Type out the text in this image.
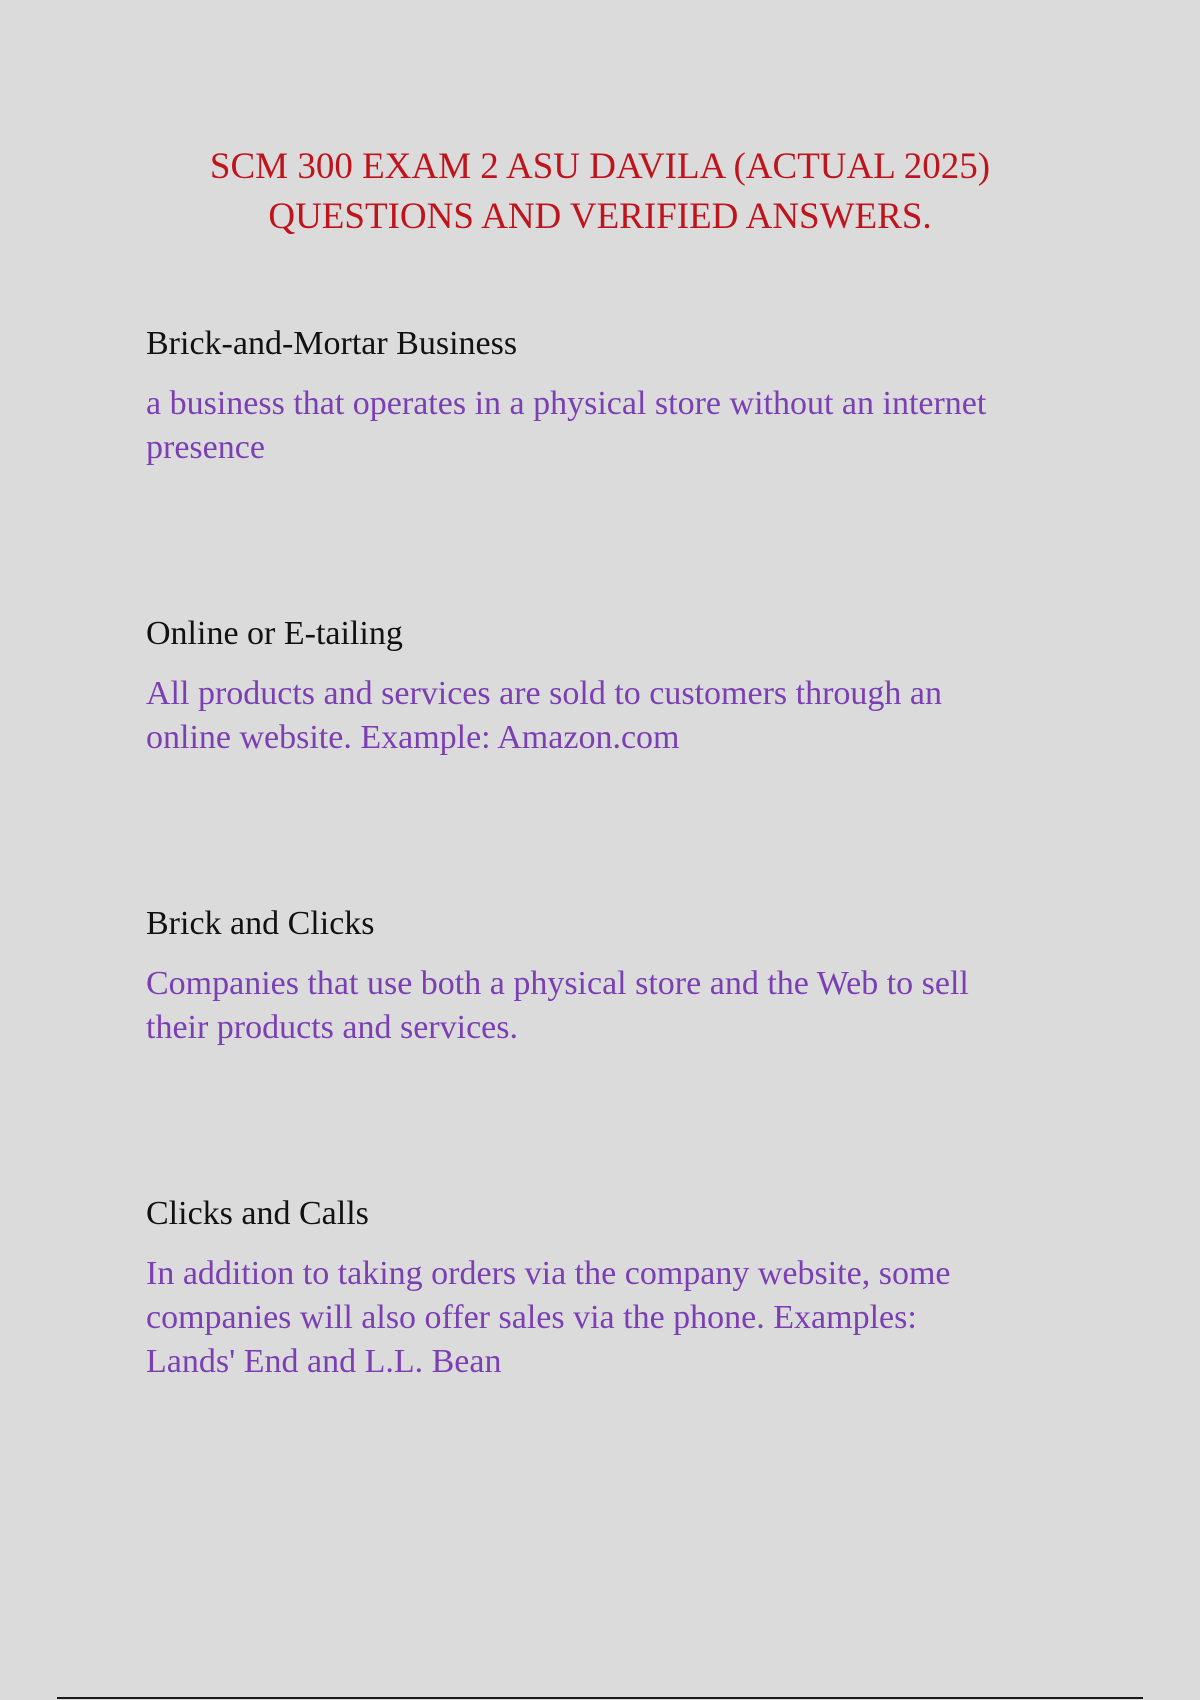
SCM 300 EXAM 2 ASU DAVILA (ACTUAL 2025)
QUESTIONS AND VERIFIED ANSWERS.

Brick-and-Mortar Business

a business that operates in a physical store without an internet
presence

Online or E-tailing

All products and services are sold to customers through an
online website. Example: Amazon.com

Brick and Clicks

Companies that use both a physical store and the Web to sell
their products and services.

Clicks and Calls

In addition to taking orders via the company website, some
companies will also offer sales via the phone. Examples:
Lands' End and L.L. Bean
